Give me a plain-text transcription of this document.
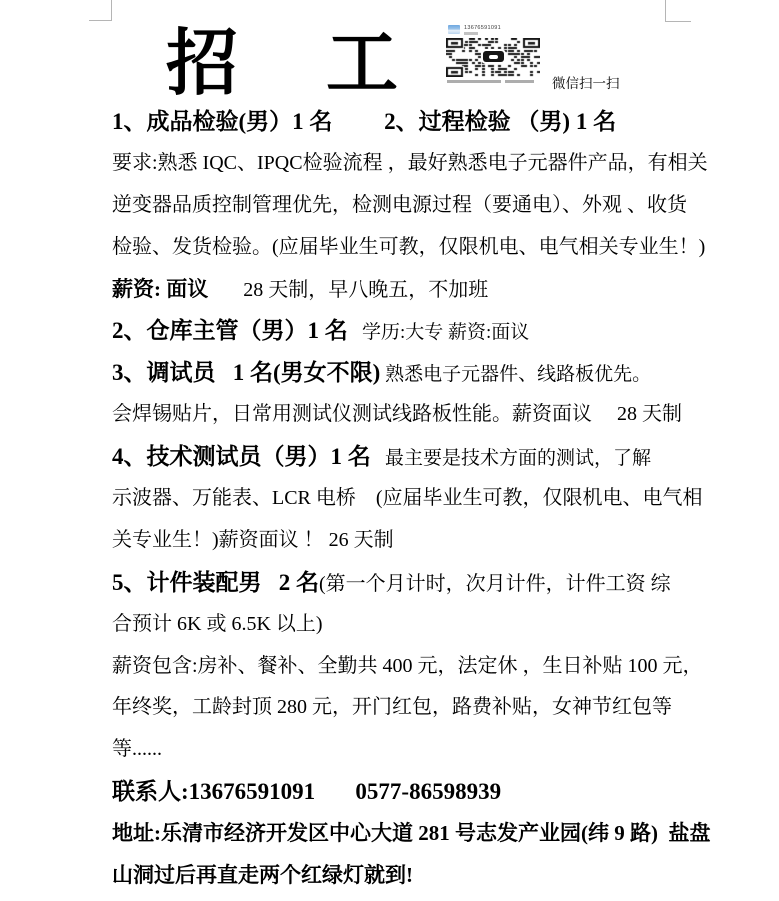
招 工	13676591091
微信扫一扫
1、成品检验(男）1 名         2、过程检验 （男) 1 名
要求:熟悉 IQC、IPQC检验流程 ，最好熟悉电子元器件产品，有相关
逆变器品质控制管理优先，检测电源过程（要通电）、外观 、收货
检验、发货检验。(应届毕业生可教，仅限机电、电气相关专业生！)
薪资: 面议       28 天制，早八晚五，不加班
2、仓库主管（男）1 名   学历:大专 薪资:面议
3、调试员   1 名(男女不限) 熟悉电子元器件、线路板优先。
会焊锡贴片，日常用测试仪测试线路板性能。薪资面议     28 天制
4、技术测试员（男）1 名   最主要是技术方面的测试，了解
示波器、万能表、LCR 电桥    (应届毕业生可教，仅限机电、电气相
关专业生！)薪资面议 ！ 26 天制
5、计件装配男   2 名(第一个月计时，次月计件，计件工资 综
合预计 6K 或 6.5K 以上)
薪资包含:房补、餐补、全勤共 400 元，法定休 ，生日补贴 100 元，
年终奖，工龄封顶 280 元，开门红包，路费补贴，女神节红包等
等......
联系人:13676591091       0577-86598939
地址:乐清市经济开发区中心大道 281 号志发产业园(纬 9 路)  盐盘
山洞过后再直走两个红绿灯就到!
